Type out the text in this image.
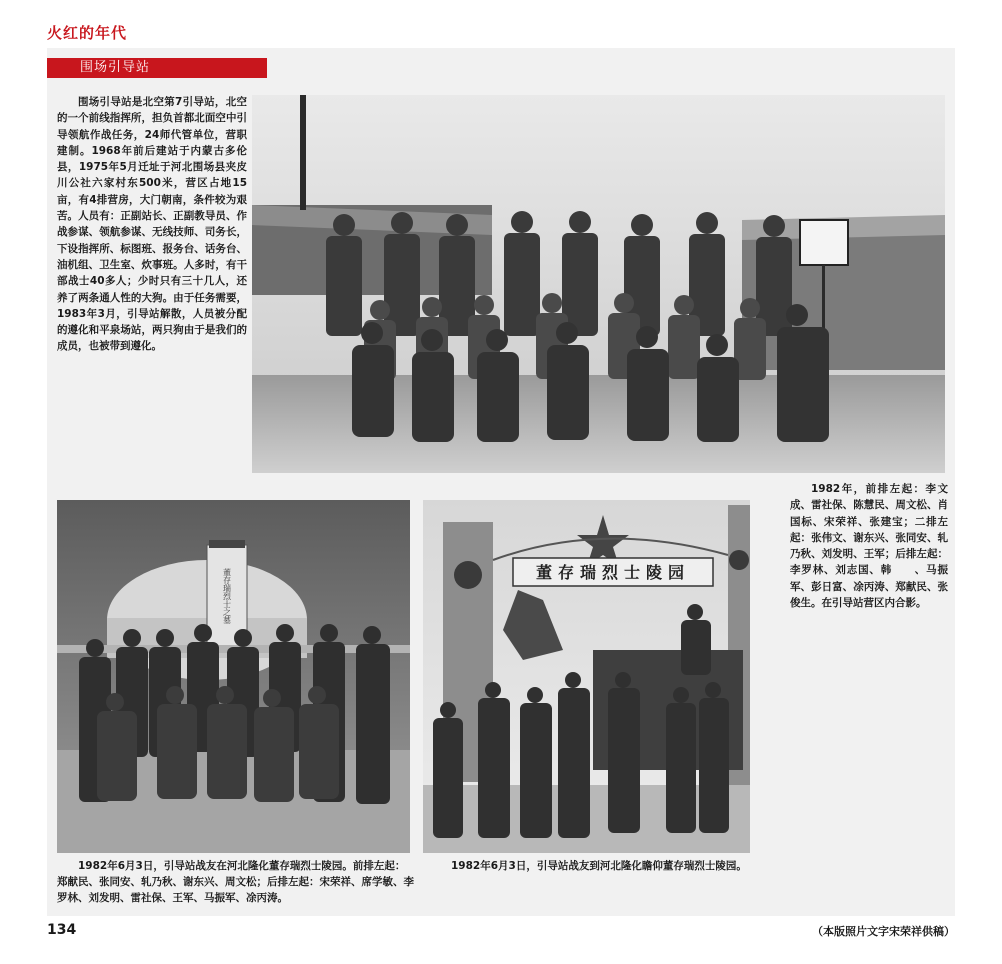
火红的年代
围场引导站
围场引导站是北空第7引导站，北空的一个前线指挥所，担负首都北面空中引导领航作战任务，24师代管单位，营职建制。1968年前后建站于内蒙古多伦县，1975年5月迁址于河北围场县夹皮川公社六家村东500米，营区占地15亩，有4排营房，大门朝南，条件较为艰苦。人员有：正副站长、正副教导员、作战参谋、领航参谋、无线技师、司务长，下设指挥所、标图班、报务台、话务台、油机组、卫生室、炊事班。人多时，有干部战士40多人；少时只有三十几人，还养了两条通人性的大狗。由于任务需要，1983年3月，引导站解散，人员被分配的遵化和平泉场站，两只狗由于是我们的成员，也被带到遵化。
1982年，前排左起：李文成、雷社保、陈慧民、周文松、肖国标、宋荣祥、张建宝；二排左起：张伟文、谢东兴、张同安、轧乃秋、刘发明、王军；后排左起：李罗林、刘志国、韩　　、马振军、彭日富、凃丙涛、郑献民、张俊生。在引导站营区内合影。
董存瑞烈士之墓
1982年6月3日，引导站战友在河北隆化董存瑞烈士陵园。前排左起：郑献民、张同安、轧乃秋、谢东兴、周文松；后排左起：宋荣祥、席学敏、李罗林、刘发明、雷社保、王军、马振军、凃丙涛。
董存瑞烈士陵园
1982年6月3日，引导站战友到河北隆化瞻仰董存瑞烈士陵园。
134	（本版照片文字宋荣祥供稿）
